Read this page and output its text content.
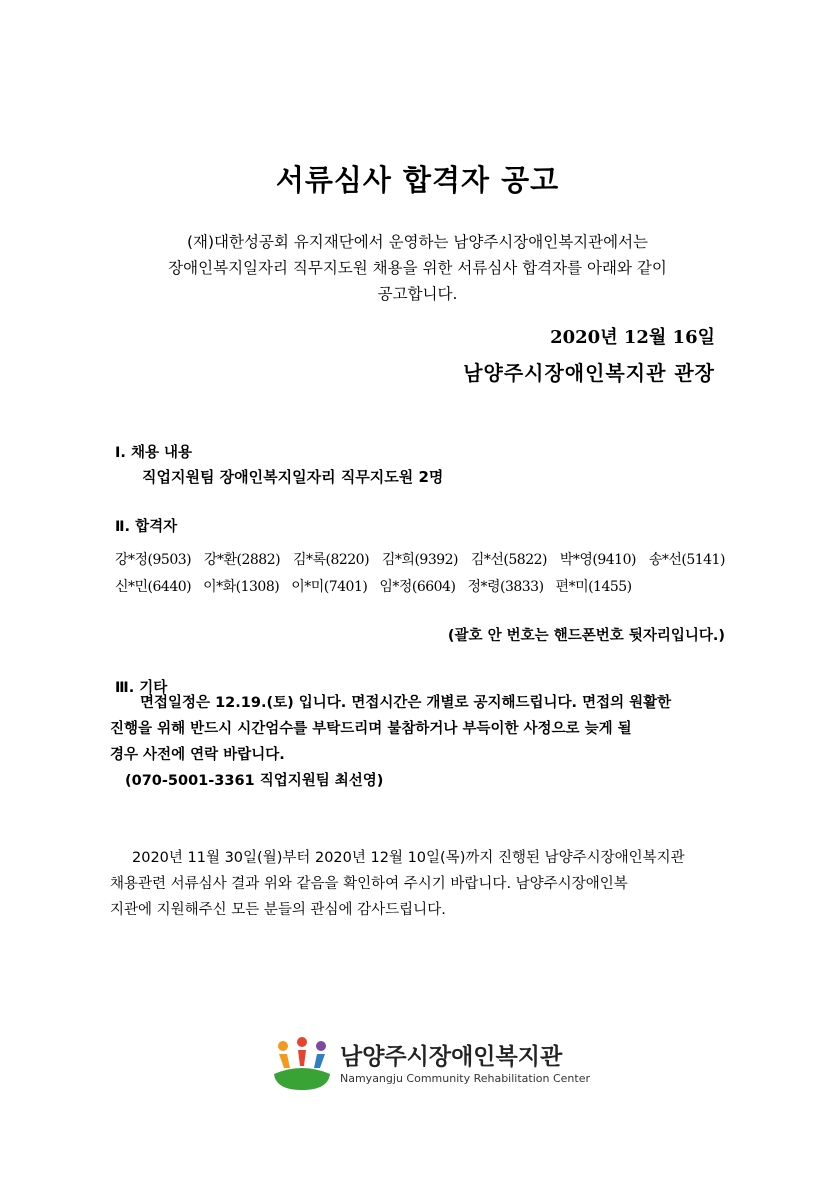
서류심사 합격자 공고
(재)대한성공회 유지재단에서 운영하는 남양주시장애인복지관에서는
장애인복지일자리 직무지도원 채용을 위한 서류심사 합격자를 아래와 같이
공고합니다.
2020년 12월 16일
남양주시장애인복지관 관장
Ⅰ. 채용 내용
직업지원팀 장애인복지일자리 직무지도원 2명
Ⅱ. 합격자
강*정(9503) 강*환(2882) 김*록(8220) 김*희(9392) 김*선(5822) 박*영(9410) 송*선(5141)
신*민(6440) 이*화(1308) 이*미(7401) 임*정(6604) 정*령(3833) 편*미(1455)
(괄호 안 번호는 핸드폰번호 뒷자리입니다.)
Ⅲ. 기타

면접일정은 12.19.(토) 입니다. 면접시간은 개별로 공지해드립니다. 면접의 원활한

진행을 위해 반드시 시간엄수를 부탁드리며 불참하거나 부득이한 사정으로 늦게 될

경우 사전에 연락 바랍니다.

(070-5001-3361 직업지원팀 최선영)

2020년 11월 30일(월)부터 2020년 12월 10일(목)까지 진행된 남양주시장애인복지관
채용관련 서류심사 결과 위와 같음을 확인하여 주시기 바랍니다. 남양주시장애인복
지관에 지원해주신 모든 분들의 관심에 감사드립니다.
남양주시장애인복지관
Namyangju Community Rehabilitation Center
